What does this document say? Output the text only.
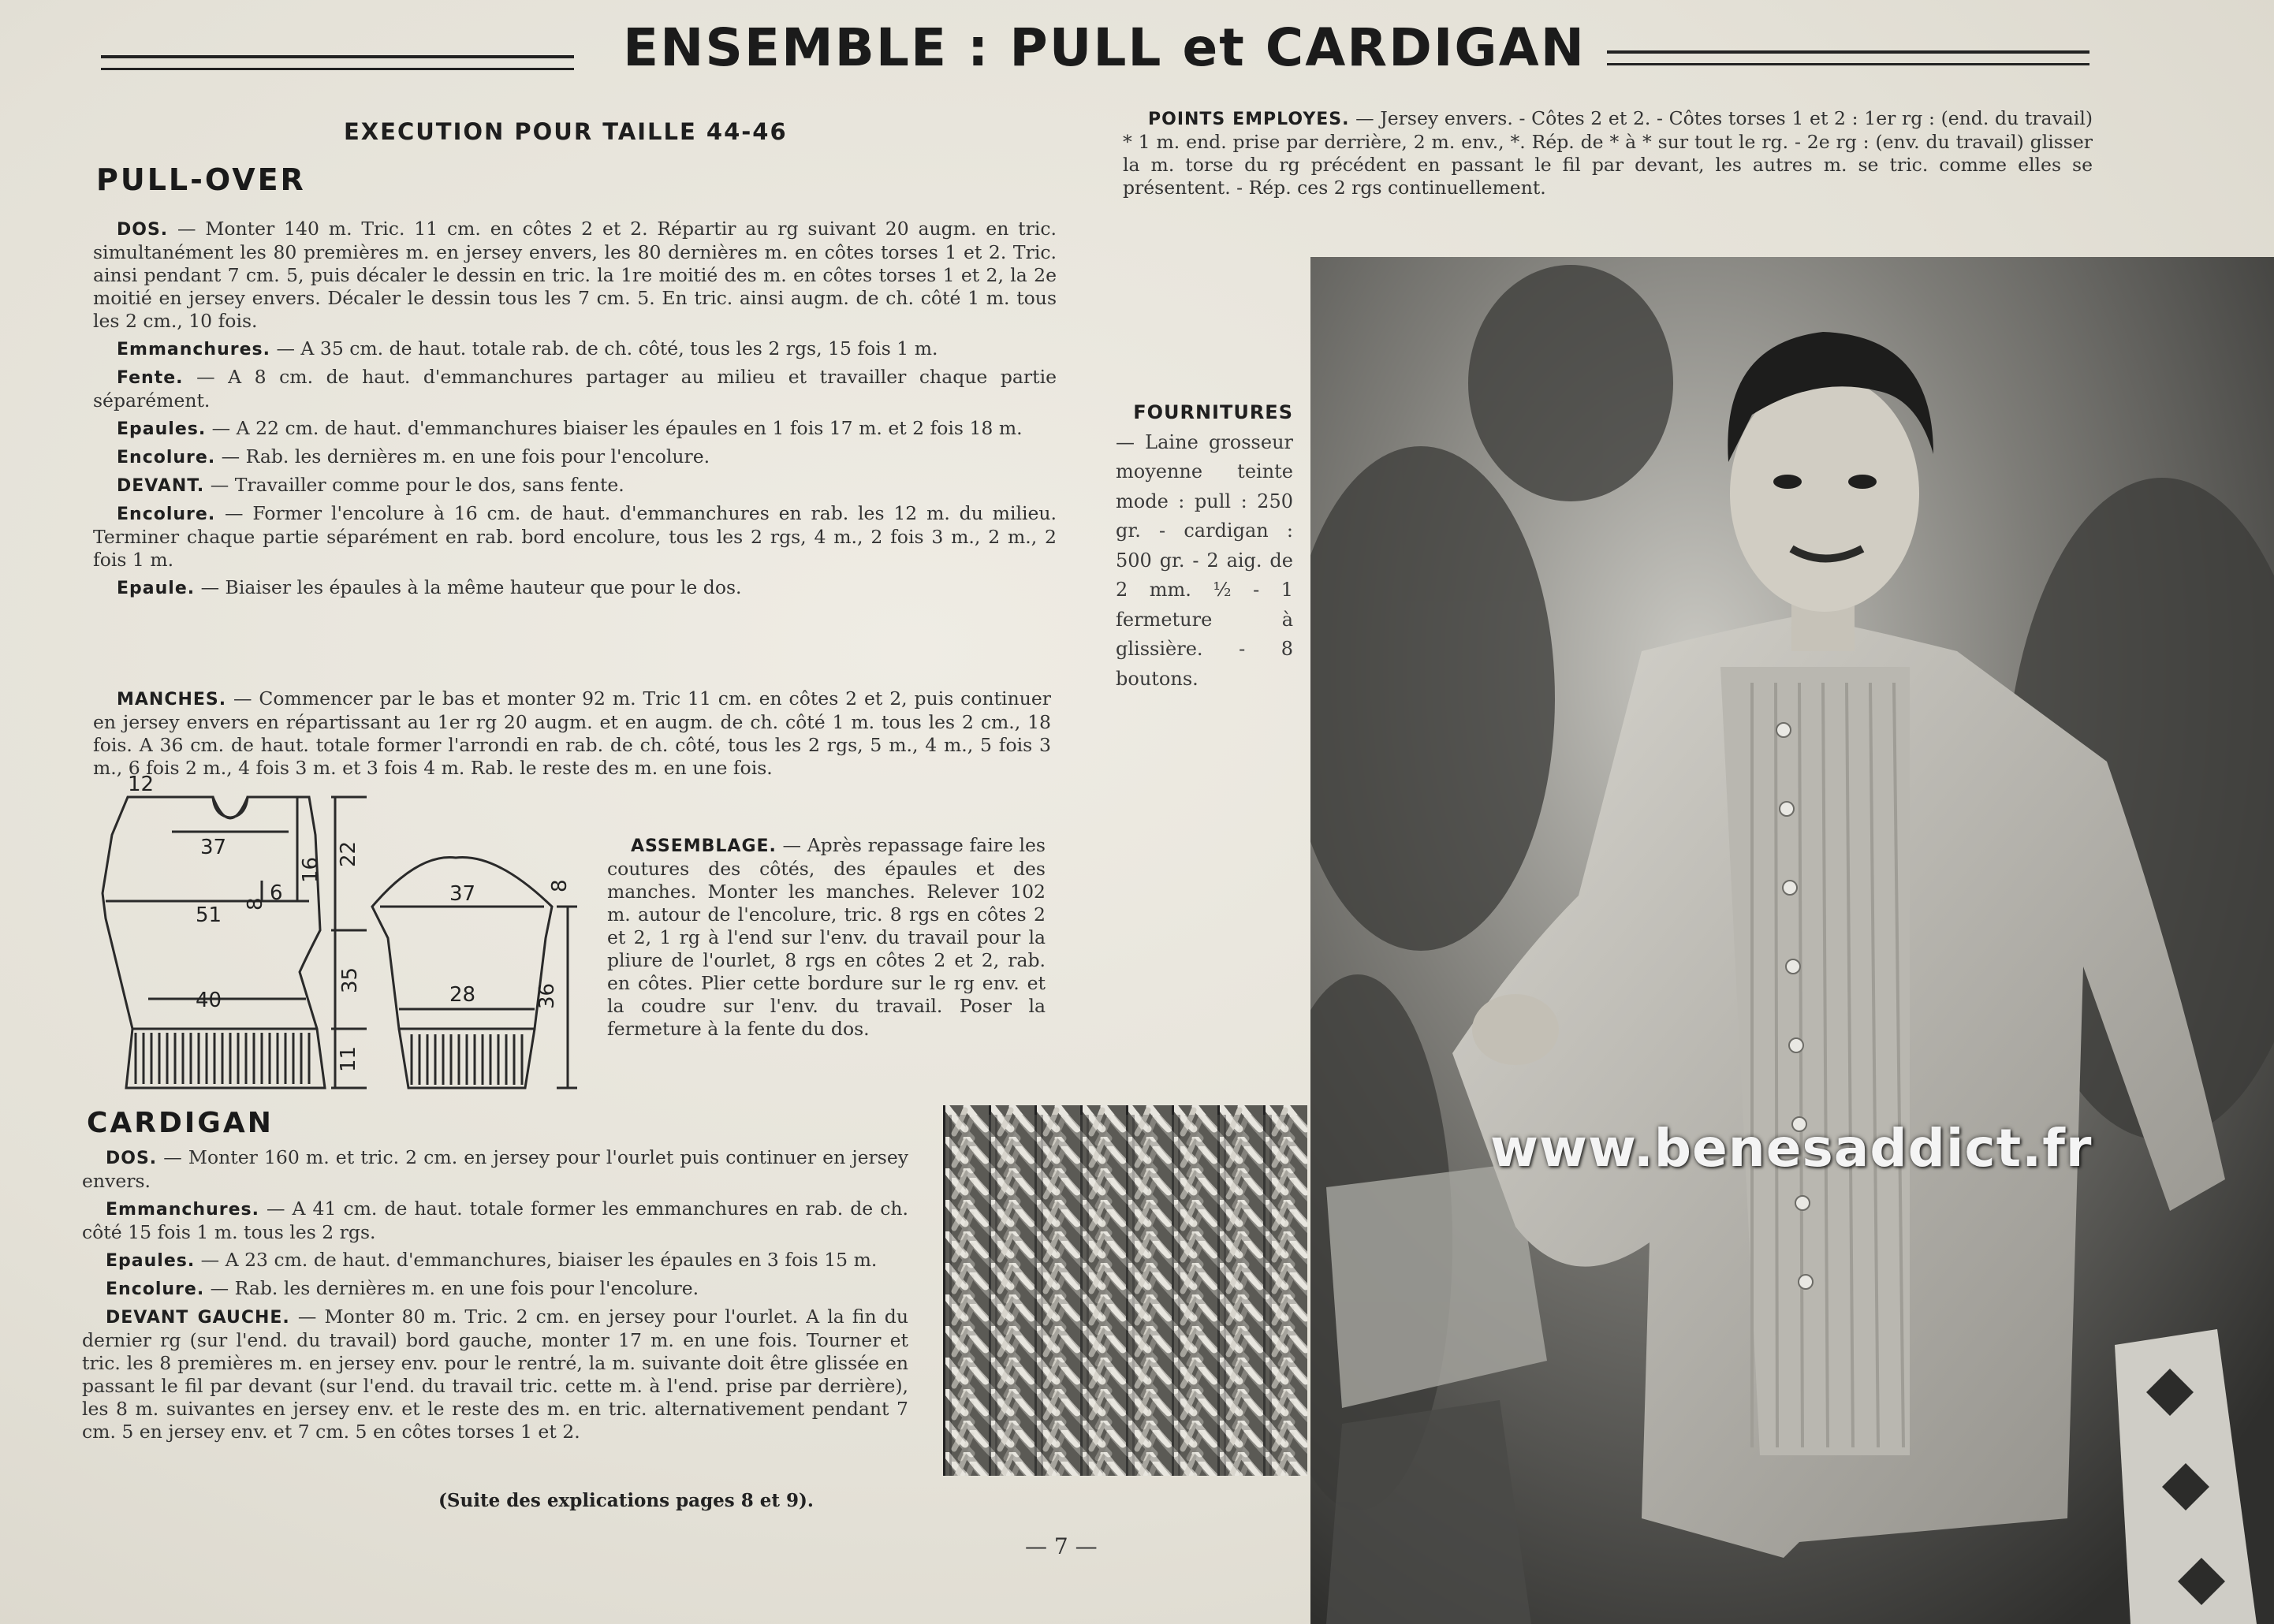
ENSEMBLE : PULL et CARDIGAN
EXECUTION POUR TAILLE 44-46
PULL-OVER

DOS. — Monter 140 m. Tric. 11 cm. en côtes 2 et 2. Répartir au rg suivant 20 augm. en tric. simultanément les 80 premières m. en jersey envers, les 80 dernières m. en côtes torses 1 et 2. Tric. ainsi pendant 7 cm. 5, puis décaler le dessin en tric. la 1re moitié des m. en côtes torses 1 et 2, la 2e moitié en jersey envers. Décaler le dessin tous les 7 cm. 5. En tric. ainsi augm. de ch. côté 1 m. tous les 2 cm., 10 fois.

Emmanchures. — A 35 cm. de haut. totale rab. de ch. côté, tous les 2 rgs, 15 fois 1 m.

Fente. — A 8 cm. de haut. d'emmanchures partager au milieu et travailler chaque partie séparément.

Epaules. — A 22 cm. de haut. d'emmanchures biaiser les épaules en 1 fois 17 m. et 2 fois 18 m.

Encolure. — Rab. les dernières m. en une fois pour l'encolure.

DEVANT. — Travailler comme pour le dos, sans fente.

Encolure. — Former l'encolure à 16 cm. de haut. d'emmanchures en rab. les 12 m. du milieu. Terminer chaque partie séparément en rab. bord encolure, tous les 2 rgs, 4 m., 2 fois 3 m., 2 m., 2 fois 1 m.

Epaule. — Biaiser les épaules à la même hauteur que pour le dos.

MANCHES. — Commencer par le bas et monter 92 m. Tric 11 cm. en côtes 2 et 2, puis continuer en jersey envers en répartissant au 1er rg 20 augm. et en augm. de ch. côté 1 m. tous les 2 cm., 18 fois. A 36 cm. de haut. totale former l'arrondi en rab. de ch. côté, tous les 2 rgs, 5 m., 4 m., 5 fois 3 m., 6 fois 2 m., 4 fois 3 m. et 3 fois 4 m. Rab. le reste des m. en une fois.

12
37
16
22
8 6
51
35
40
11
37	8
28	36

ASSEMBLAGE. — Après repassage faire les coutures des côtés, des épaules et des manches. Monter les manches. Relever 102 m. autour de l'encolure, tric. 8 rgs en côtes 2 et 2, 1 rg à l'end sur l'env. du travail pour la pliure de l'ourlet, 8 rgs en côtes 2 et 2, rab. en côtes. Plier cette bordure sur le rg env. et la coudre sur l'env. du travail. Poser la fermeture à la fente du dos.

CARDIGAN

DOS. — Monter 160 m. et tric. 2 cm. en jersey pour l'ourlet puis continuer en jersey envers.

Emmanchures. — A 41 cm. de haut. totale former les emmanchures en rab. de ch. côté 15 fois 1 m. tous les 2 rgs.

Epaules. — A 23 cm. de haut. d'emmanchures, biaiser les épaules en 3 fois 15 m.

Encolure. — Rab. les dernières m. en une fois pour l'encolure.

DEVANT GAUCHE. — Monter 80 m. Tric. 2 cm. en jersey pour l'ourlet. A la fin du dernier rg (sur l'end. du travail) bord gauche, monter 17 m. en une fois. Tourner et tric. les 8 premières m. en jersey env. pour le rentré, la m. suivante doit être glissée en passant le fil par devant (sur l'end. du travail tric. cette m. à l'end. prise par derrière), les 8 m. suivantes en jersey env. et le reste des m. en tric. alternativement pendant 7 cm. 5 en jersey env. et 7 cm. 5 en côtes torses 1 et 2.

(Suite des explications pages 8 et 9).

POINTS EMPLOYES. — Jersey envers. - Côtes 2 et 2. - Côtes torses 1 et 2 : 1er rg : (end. du travail) * 1 m. end. prise par derrière, 2 m. env., *. Rép. de * à * sur tout le rg. - 2e rg : (env. du travail) glisser la m. torse du rg précédent en passant le fil par devant, les autres m. se tric. comme elles se présentent. - Rép. ces 2 rgs continuellement.

FOURNITURES
— Laine grosseur moyenne teinte mode : pull : 250 gr. - cardigan : 500 gr. - 2 aig. de 2 mm. ½ - 1 fermeture à glissière. - 8 boutons.
www.benesaddict.fr
— 7 —
